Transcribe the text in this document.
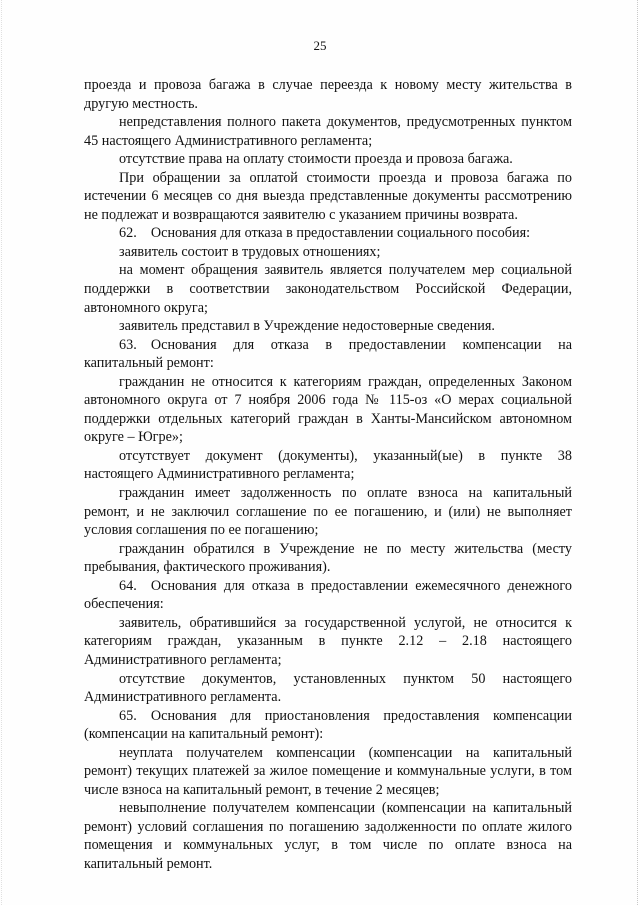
25

проезда и провоза багажа в случае переезда к новому месту жительства в другую местность.

непредставления полного пакета документов, предусмотренных пунктом 45 настоящего Административного регламента;

отсутствие права на оплату стоимости проезда и провоза багажа.

При обращении за оплатой стоимости проезда и провоза багажа по истечении 6 месяцев со дня выезда представленные документы рассмотрению не подлежат и возвращаются заявителю с указанием причины возврата.

62. Основания для отказа в предоставлении социального пособия:

заявитель состоит в трудовых отношениях;

на момент обращения заявитель является получателем мер социальной поддержки в соответствии законодательством Российской Федерации, автономного округа;

заявитель представил в Учреждение недостоверные сведения.

63. Основания для отказа в предоставлении компенсации на капитальный ремонт:

гражданин не относится к категориям граждан, определенных Законом автономного округа от 7 ноября 2006 года № 115-оз «О мерах социальной поддержки отдельных категорий граждан в Ханты-Мансийском автономном округе – Югре»;

отсутствует документ (документы), указанный(ые) в пункте 38 настоящего Административного регламента;

гражданин имеет задолженность по оплате взноса на капитальный ремонт, и не заключил соглашение по ее погашению, и (или) не выполняет условия соглашения по ее погашению;

гражданин обратился в Учреждение не по месту жительства (месту пребывания, фактического проживания).

64. Основания для отказа в предоставлении ежемесячного денежного обеспечения:

заявитель, обратившийся за государственной услугой, не относится к категориям граждан, указанным в пункте 2.12 – 2.18 настоящего Административного регламента;

отсутствие документов, установленных пунктом 50 настоящего Административного регламента.

65. Основания для приостановления предоставления компенсации (компенсации на капитальный ремонт):

неуплата получателем компенсации (компенсации на капитальный ремонт) текущих платежей за жилое помещение и коммунальные услуги, в том числе взноса на капитальный ремонт, в течение 2 месяцев;

невыполнение получателем компенсации (компенсации на капитальный ремонт) условий соглашения по погашению задолженности по оплате жилого помещения и коммунальных услуг, в том числе по оплате взноса на капитальный ремонт.
